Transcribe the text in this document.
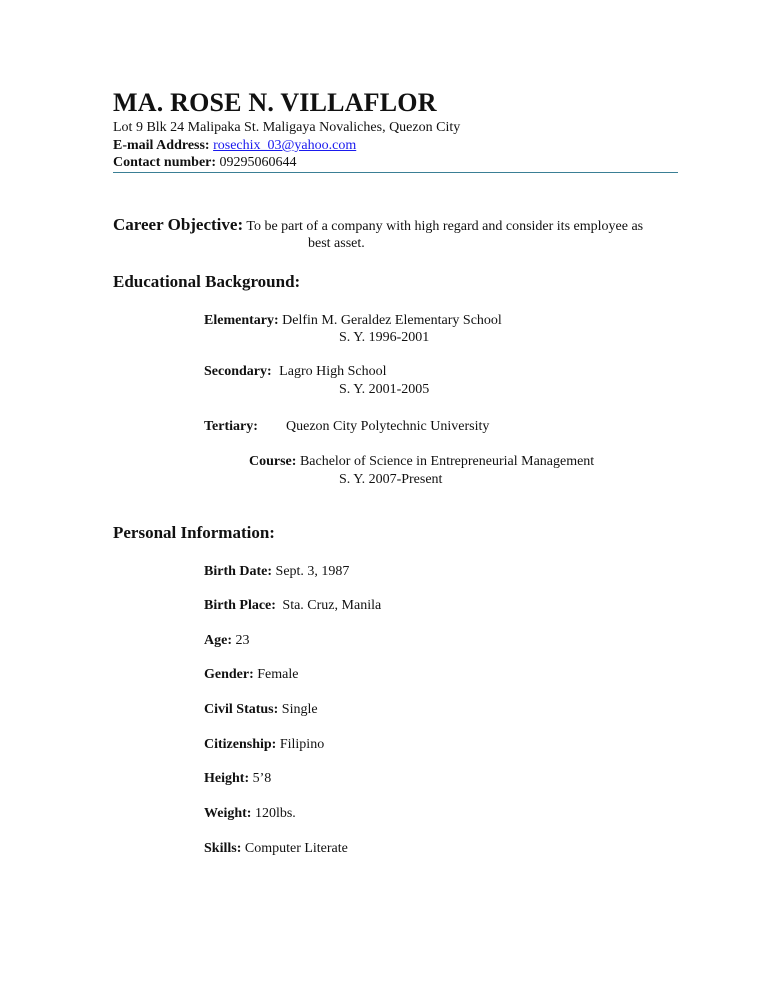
MA. ROSE N. VILLAFLOR
Lot 9 Blk 24 Malipaka St. Maligaya Novaliches, Quezon City
E-mail Address: rosechix_03@yahoo.com
Contact number: 09295060644
Career Objective: To be part of a company with high regard and consider its employee as
best asset.
Educational Background:
Elementary: Delfin M. Geraldez Elementary School
S. Y. 1996-2001
Secondary: Lagro High School
S. Y. 2001-2005
Tertiary: Quezon City Polytechnic University
Course: Bachelor of Science in Entrepreneurial Management
S. Y. 2007-Present
Personal Information:
Birth Date: Sept. 3, 1987
Birth Place: Sta. Cruz, Manila
Age: 23
Gender: Female
Civil Status: Single
Citizenship: Filipino
Height: 5’8
Weight: 120lbs.
Skills: Computer Literate
